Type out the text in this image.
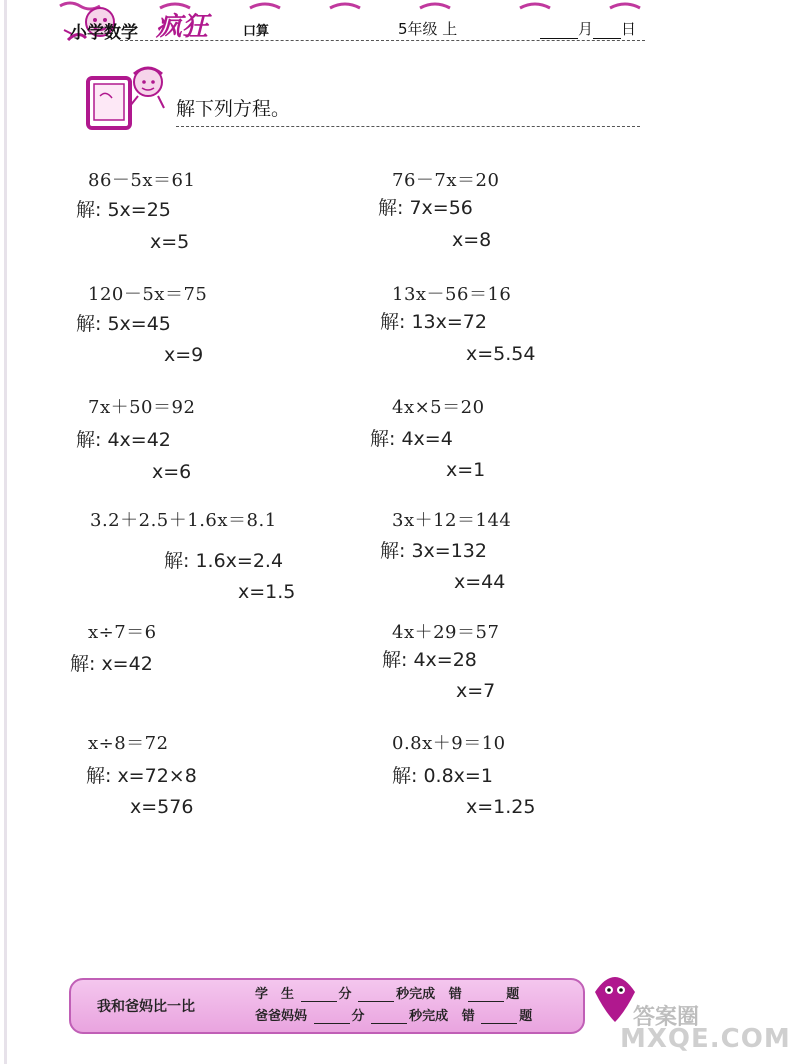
小学数学 疯狂	口算	5年级 上	月 日
解下列方程。
86－5x＝61
解: 5x=25
x=5
76－7x＝20
解: 7x=56
x=8
120－5x＝75
解: 5x=45
x=9
13x－56＝16
解: 13x=72
x=5.54
7x＋50＝92
解: 4x=42
x=6
4x×5＝20
解: 4x=4
x=1
3.2＋2.5＋1.6x＝8.1
解: 1.6x=2.4
x=1.5
3x＋12＝144
解: 3x=132
x=44
x÷7＝6
解: x=42
4x＋29＝57
解: 4x=28
x=7
x÷8＝72
解: x=72×8
x=576
0.8x＋9＝10
解: 0.8x=1
x=1.25
我和爸妈比一比
学　生	分	秒完成 错	题
爸爸妈妈	分	秒完成 错	题	答案圈
MXQE.COM
